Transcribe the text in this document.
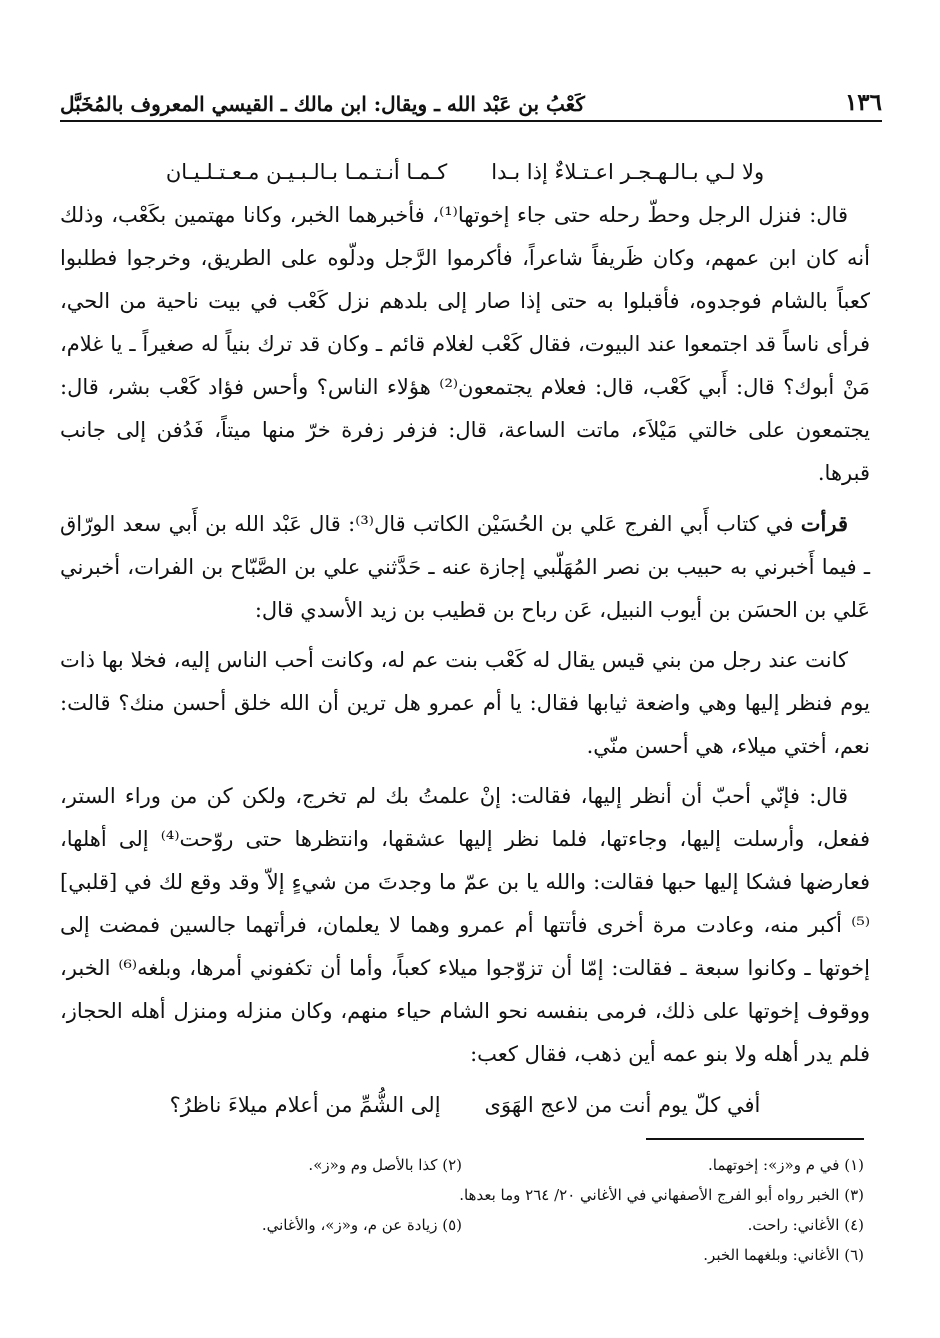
١٣٦
كَعْبُ بن عَبْد الله ـ ويقال: ابن مالك ـ القيسي المعروف بالمُخَبَّل
ولا لـي بـالـهـجـر اعـتـلاءٌ إذا بـدا
كـمـا أنـتـمـا بـالـبـيـن مـعـتـلـيـان

قال: فنزل الرجل وحطّ رحله حتى جاء إخوتها⁽¹⁾، فأخبرهما الخبر، وكانا مهتمين بكَعْب، وذلك أنه كان ابن عمهم، وكان ظَريفاً شاعراً، فأكرموا الرَّجل ودلّوه على الطريق، وخرجوا فطلبوا كعباً بالشام فوجدوه، فأقبلوا به حتى إذا صار إلى بلدهم نزل كَعْب في بيت ناحية من الحي، فرأى ناساً قد اجتمعوا عند البيوت، فقال كَعْب لغلام قائم ـ وكان قد ترك بنياً له صغيراً ـ يا غلام، مَنْ أبوك؟ قال: أَبي كَعْب، قال: فعلام يجتمعون⁽²⁾ هؤلاء الناس؟ وأحس فؤاد كَعْب بشر، قال: يجتمعون على خالتي مَيْلاَء، ماتت الساعة، قال: فزفر زفرة خرّ منها ميتاً، فَدُفن إلى جانب قبرها.

قرأت في كتاب أَبي الفرج عَلي بن الحُسَيْن الكاتب قال⁽³⁾: قال عَبْد الله بن أَبي سعد الورّاق ـ فيما أَخبرني به حبيب بن نصر المُهَلّبي إجازة عنه ـ حَدَّثني علي بن الصَّبّاح بن الفرات، أخبرني عَلي بن الحسَن بن أيوب النبيل، عَن رباح بن قطيب بن زيد الأسدي قال:

كانت عند رجل من بني قيس يقال له كَعْب بنت عم له، وكانت أحب الناس إليه، فخلا بها ذات يوم فنظر إليها وهي واضعة ثيابها فقال: يا أم عمرو هل ترين أن الله خلق أحسن منك؟ قالت: نعم، أختي ميلاء، هي أحسن منّي.

قال: فإنّي أحبّ أن أنظر إليها، فقالت: إنْ علمتُ بك لم تخرج، ولكن كن من وراء الستر، ففعل، وأرسلت إليها، وجاءتها، فلما نظر إليها عشقها، وانتظرها حتى روّحت⁽⁴⁾ إلى أهلها، فعارضها فشكا إليها حبها فقالت: والله يا بن عمّ ما وجدتَ من شيءٍ إلاّ وقد وقع لك في [قلبي]⁽⁵⁾ أكبر منه، وعادت مرة أخرى فأتتها أم عمرو وهما لا يعلمان، فرأتهما جالسين فمضت إلى إخوتها ـ وكانوا سبعة ـ فقالت: إمّا أن تزوّجوا ميلاء كعباً، وأما أن تكفوني أمرها، وبلغه⁽⁶⁾ الخبر، ووقوف إخوتها على ذلك، فرمى بنفسه نحو الشام حياء منهم، وكان منزله ومنزل أهله الحجاز، فلم يدر أهله ولا بنو عمه أين ذهب، فقال كعب:

أفي كلّ يوم أنت من لاعج الهَوَى
إلى الشُّمِّ من أعلام ميلاءَ ناظرُ؟
(١) في م و«ز»: إخوتهما.
(٢) كذا بالأصل وم و«ز».
(٣) الخبر رواه أبو الفرج الأصفهاني في الأغاني ٢٠/ ٢٦٤ وما بعدها.
(٤) الأغاني: راحت.
(٥) زيادة عن م، و«ز»، والأغاني.
(٦) الأغاني: وبلغهما الخبر.
